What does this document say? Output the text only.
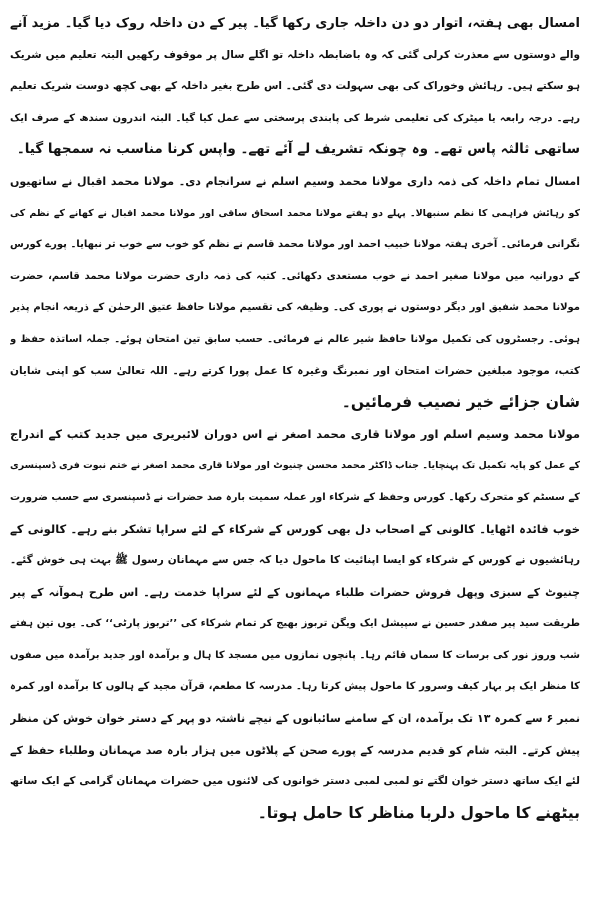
امسال بھی ہفتہ، اتوار دو دن داخلہ جاری رکھا گیا۔ پیر کے دن داخلہ روک دیا گیا۔ مزید آنے
والے دوستوں سے معذرت کرلی گئی کہ وہ باضابطہ داخلہ تو اگلے سال پر موقوف رکھیں البتہ تعلیم میں شریک
ہو سکتے ہیں۔ رہائش وخوراک کی بھی سہولت دی گئی۔ اس طرح بغیر داخلہ کے بھی کچھ دوست شریک تعلیم
رہے۔ درجہ رابعہ یا میٹرک کی تعلیمی شرط کی پابندی پرسختی سے عمل کیا گیا۔ البتہ اندرون سندھ کے صرف ایک
ساتھی ثالثہ پاس تھے۔ وہ چونکہ تشریف لے آئے تھے۔ واپس کرنا مناسب نہ سمجھا گیا۔
امسال تمام داخلہ کی ذمہ داری مولانا محمد وسیم اسلم نے سرانجام دی۔ مولانا محمد اقبال نے ساتھیوں
کو رہائش فراہمی کا نظم سنبھالا۔ پہلے دو ہفتے مولانا محمد اسحاق ساقی اور مولانا محمد اقبال نے کھانے کے نظم کی
نگرانی فرمائی۔ آخری ہفتہ مولانا خبیب احمد اور مولانا محمد قاسم نے نظم کو خوب سے خوب تر نبھایا۔ پورے کورس
کے دورانیہ میں مولانا صغیر احمد نے خوب مستعدی دکھائی۔ کتبہ کی ذمہ داری حضرت مولانا محمد قاسم، حضرت
مولانا محمد شفیق اور دیگر دوستوں نے پوری کی۔ وظیفہ کی تقسیم مولانا حافظ عتیق الرحمٰن کے ذریعہ انجام پذیر
ہوئی۔ رجسٹروں کی تکمیل مولانا حافظ شیر عالم نے فرمائی۔ حسب سابق تین امتحان ہوئے۔ جملہ اساتذہ حفظ و
کتب، موجود مبلغین حضرات امتحان اور نمبرنگ وغیرہ کا عمل پورا کرتے رہے۔ اللہ تعالیٰ سب کو اپنی شایان
شان جزائے خیر نصیب فرمائیں۔
مولانا محمد وسیم اسلم اور مولانا قاری محمد اصغر نے اس دوران لائبریری میں جدید کتب کے اندراج
کے عمل کو پایہ تکمیل تک پہنچایا۔ جناب ڈاکٹر محمد محسن چنیوٹ اور مولانا قاری محمد اصغر نے ختم نبوت فری ڈسپنسری
کے سسٹم کو متحرک رکھا۔ کورس وحفظ کے شرکاء اور عملہ سمیت بارہ صد حضرات نے ڈسپنسری سے حسب ضرورت
خوب فائدہ اٹھایا۔ کالونی کے اصحاب دل بھی کورس کے شرکاء کے لئے سراپا تشکر بنے رہے۔ کالونی کے
رہائشیوں نے کورس کے شرکاء کو ایسا اپنائیت کا ماحول دیا کہ جس سے مہمانان رسول ﷺ بہت ہی خوش گئے۔
چنیوٹ کے سبزی وپھل فروش حضرات طلباء مہمانوں کے لئے سراپا خدمت رہے۔ اس طرح ہموآنہ کے پیر
طریقت سید پیر صفدر حسین نے سپیشل ایک ویگن تربوز بھیج کر تمام شرکاء کی ’’تربوز پارٹی‘‘ کی۔ یوں تین ہفتے
شب وروز نور کی برسات کا سماں قائم رہا۔ پانچوں نمازوں میں مسجد کا ہال و برآمدہ اور جدید برآمدہ میں صفوں
کا منظر ایک پر بہار کیف وسرور کا ماحول پیش کرتا رہا۔ مدرسہ کا مطعم، قرآن مجید کے ہالوں کا برآمدہ اور کمرہ
نمبر ۶ سے کمرہ ۱۳ تک برآمدہ، ان کے سامنے سائبانوں کے نیچے ناشتہ دو پہر کے دستر خوان خوش کن منظر
پیش کرتے۔ البتہ شام کو قدیم مدرسہ کے پورے صحن کے پلاٹوں میں ہزار بارہ صد مہمانان وطلباء حفظ کے
لئے ایک ساتھ دستر خوان لگتے تو لمبی لمبی دستر خوانوں کی لائنوں میں حضرات مہمانان گرامی کے ایک ساتھ
بیٹھنے کا ماحول دلربا مناظر کا حامل ہوتا۔
